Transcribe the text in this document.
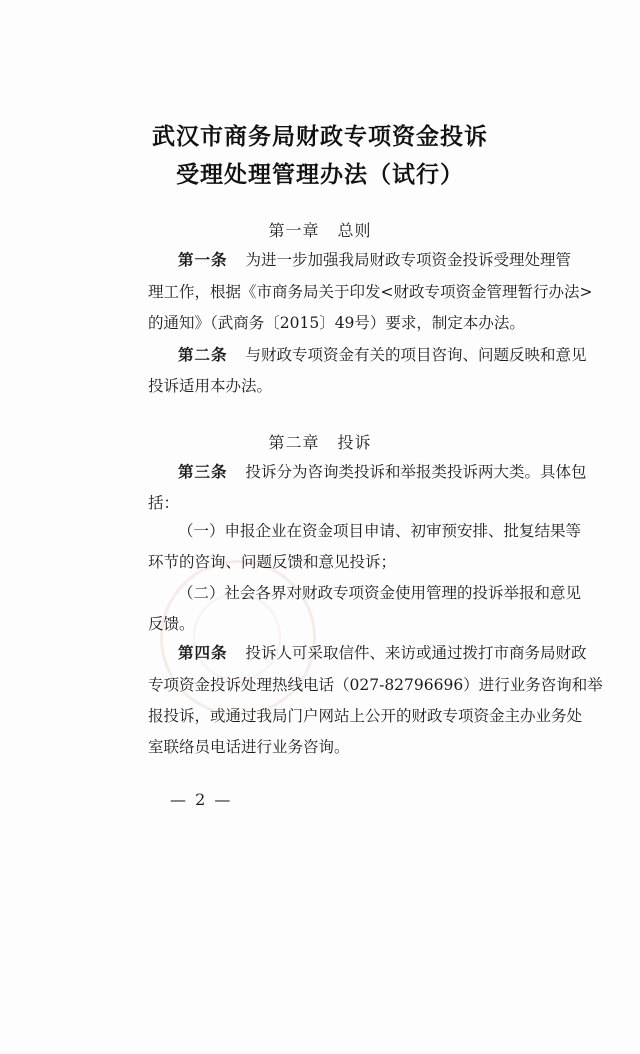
武汉市商务局财政专项资金投诉
受理处理管理办法（试行）
第一章 总则
第一条 为进一步加强我局财政专项资金投诉受理处理管
理工作，根据《市商务局关于印发<财政专项资金管理暂行办法>
的通知》（武商务〔2015〕49号）要求，制定本办法。
第二条 与财政专项资金有关的项目咨询、问题反映和意见
投诉适用本办法。
第二章 投诉
第三条 投诉分为咨询类投诉和举报类投诉两大类。具体包
括：
（一）申报企业在资金项目申请、初审预安排、批复结果等
环节的咨询、问题反馈和意见投诉；
（二）社会各界对财政专项资金使用管理的投诉举报和意见
反馈。
第四条 投诉人可采取信件、来访或通过拨打市商务局财政
专项资金投诉处理热线电话（027-82796696）进行业务咨询和举
报投诉，或通过我局门户网站上公开的财政专项资金主办业务处
室联络员电话进行业务咨询。
— 2 —
